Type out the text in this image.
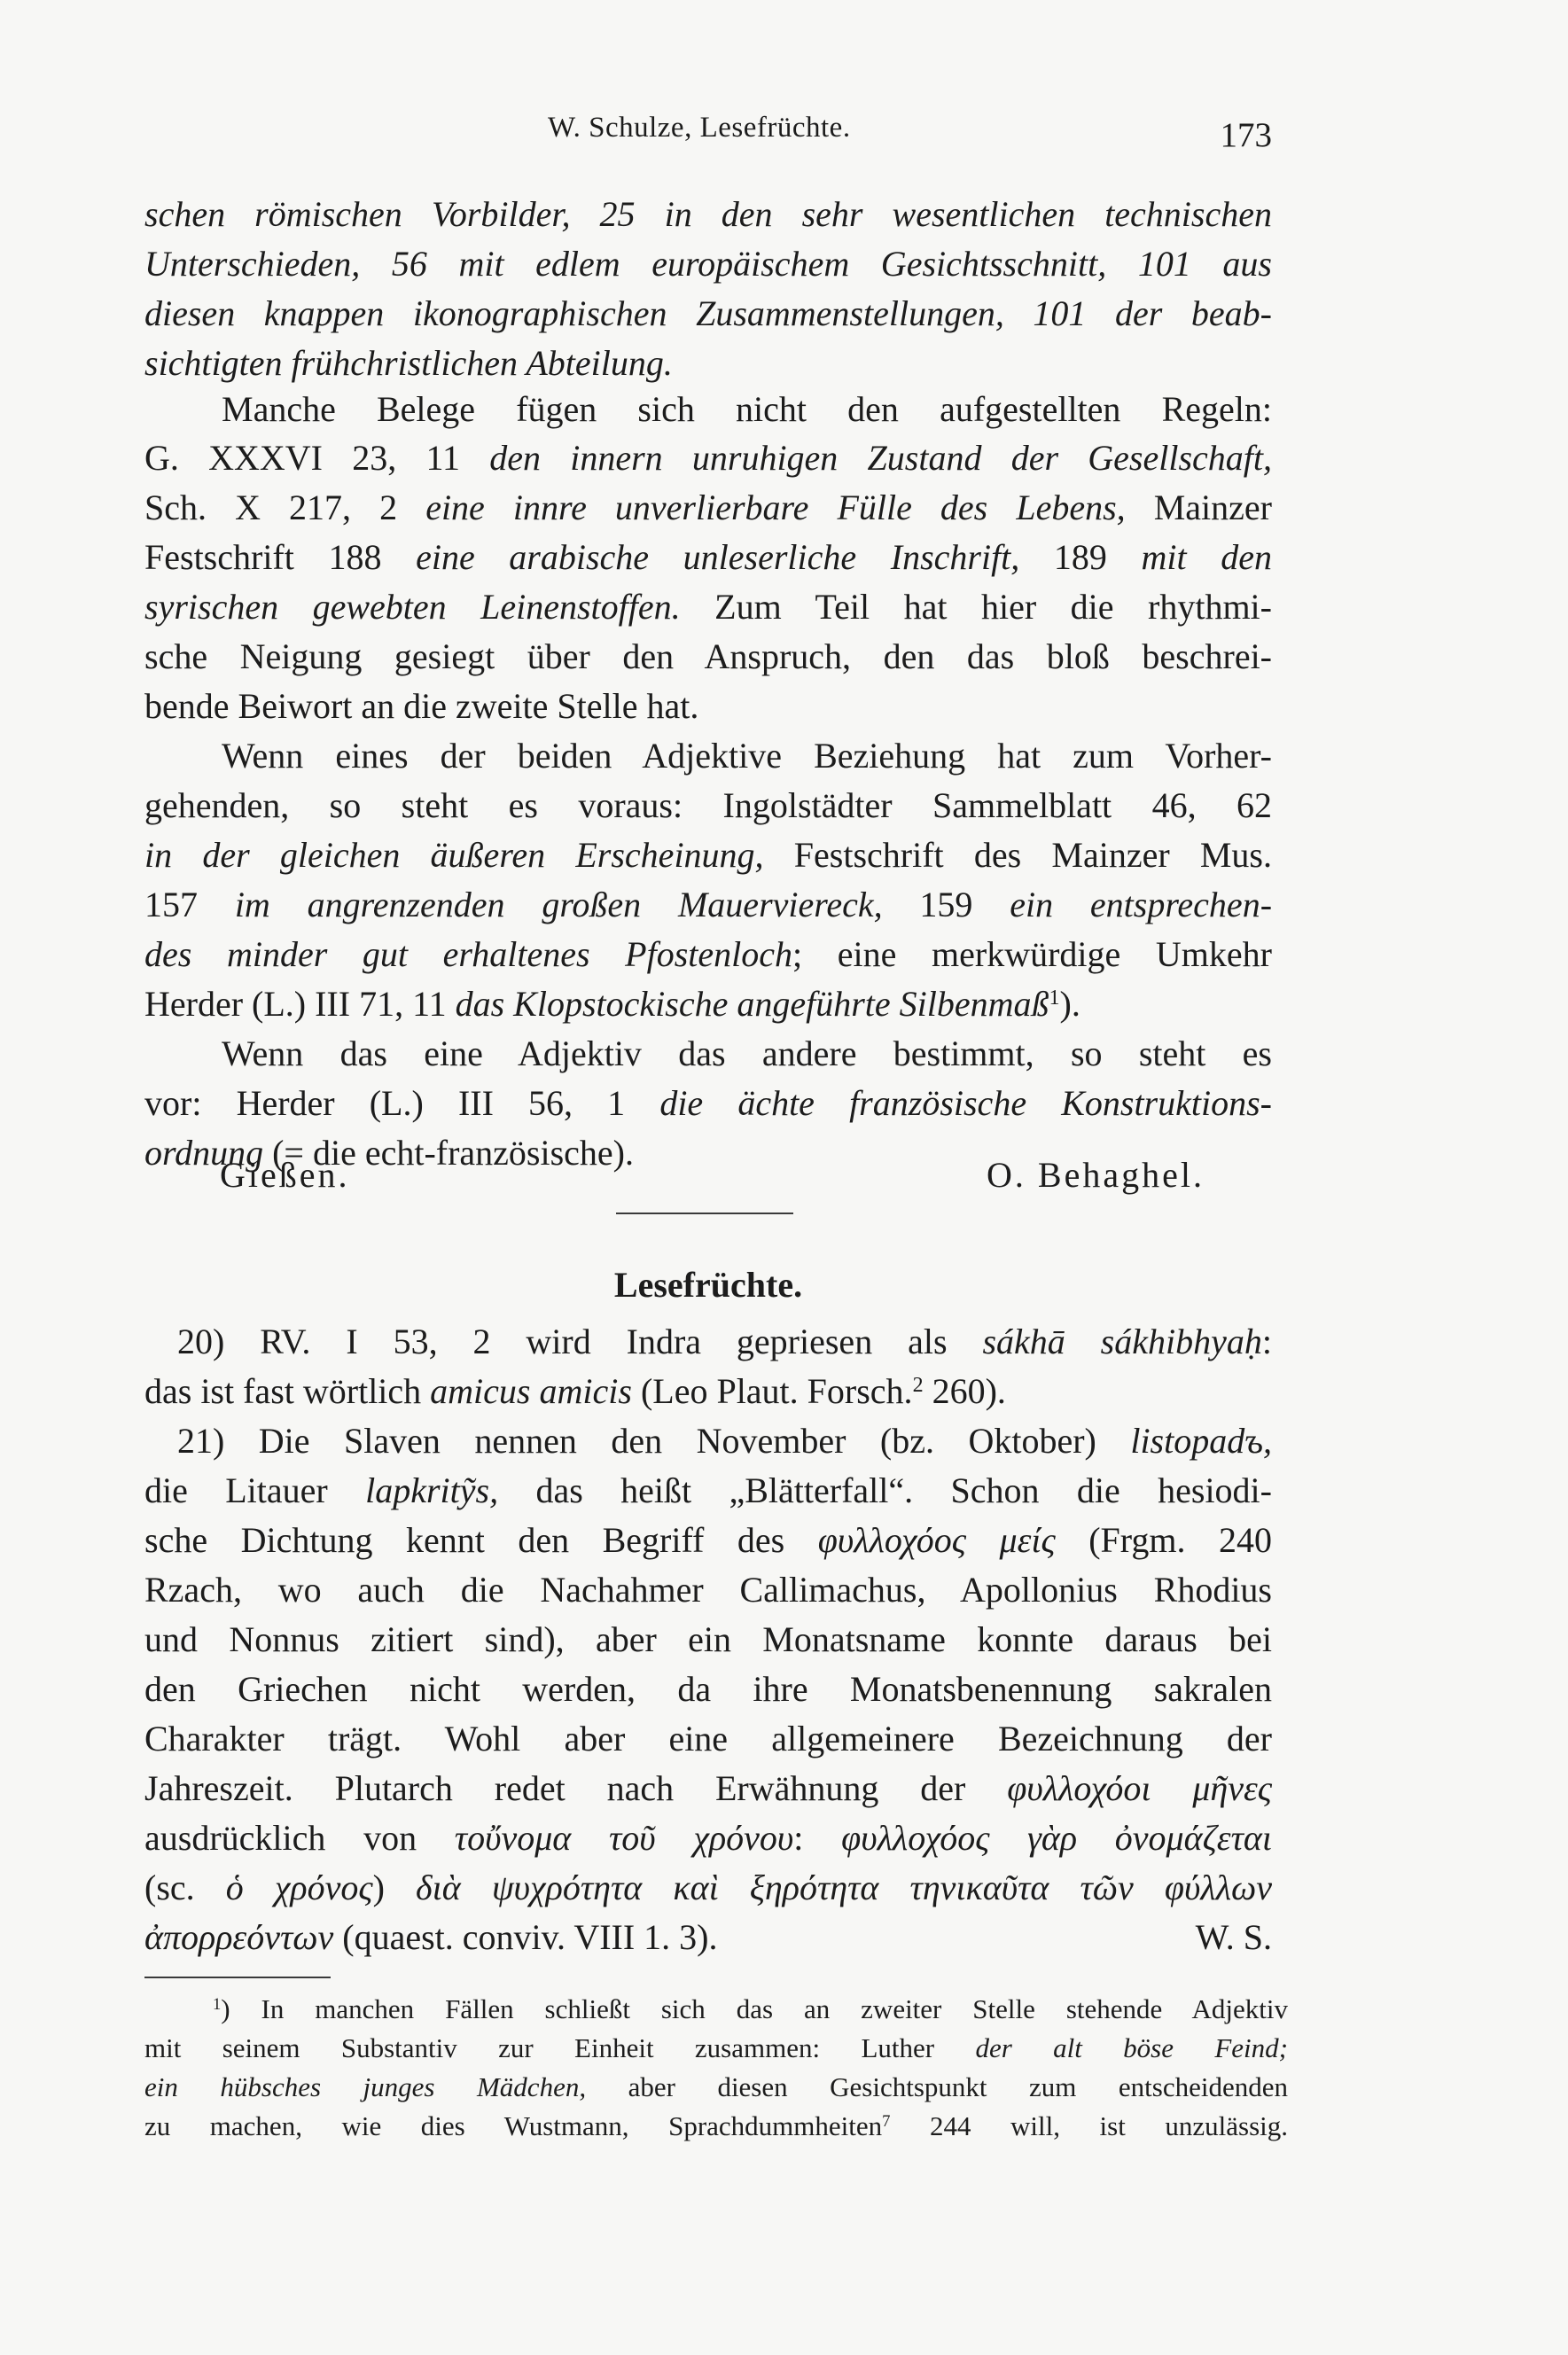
W. Schulze, Lesefrüchte.	173
schen römischen Vorbilder, 25 in den sehr wesentlichen technischen
Unterschieden, 56 mit edlem europäischem Gesichtsschnitt, 101 aus
diesen knappen ikonographischen Zusammenstellungen, 101 der beab-
sichtigten frühchristlichen Abteilung.
Manche Belege fügen sich nicht den aufgestellten Regeln:
G. XXXVI 23, 11 den innern unruhigen Zustand der Gesellschaft,
Sch. X 217, 2 eine innre unverlierbare Fülle des Lebens, Mainzer
Festschrift 188 eine arabische unleserliche Inschrift, 189 mit den
syrischen gewebten Leinenstoffen. Zum Teil hat hier die rhythmi-
sche Neigung gesiegt über den Anspruch, den das bloß beschrei-
bende Beiwort an die zweite Stelle hat.
Wenn eines der beiden Adjektive Beziehung hat zum Vorher-
gehenden, so steht es voraus: Ingolstädter Sammelblatt 46, 62
in der gleichen äußeren Erscheinung, Festschrift des Mainzer Mus.
157 im angrenzenden großen Mauerviereck, 159 ein entsprechen-
des minder gut erhaltenes Pfostenloch; eine merkwürdige Umkehr
Herder (L.) III 71, 11 das Klopstockische angeführte Silbenmaß$^1$).
Wenn das eine Adjektiv das andere bestimmt, so steht es
vor: Herder (L.) III 56, 1 die ächte französische Konstruktions-
ordnung (= die echt-französische).
Gießen.	O. Behaghel.
Lesefrüchte.
20) RV. I 53, 2 wird Indra gepriesen als sákhā sákhibhyaḥ:
das ist fast wörtlich amicus amicis (Leo Plaut. Forsch.$^2$ 260).
21) Die Slaven nennen den November (bz. Oktober) listopadъ,
die Litauer lapkritỹs, das heißt „Blätterfall“. Schon die hesiodi-
sche Dichtung kennt den Begriff des φυλλοχόος μείς (Frgm. 240
Rzach, wo auch die Nachahmer Callimachus, Apollonius Rhodius
und Nonnus zitiert sind), aber ein Monatsname konnte daraus bei
den Griechen nicht werden, da ihre Monatsbenennung sakralen
Charakter trägt. Wohl aber eine allgemeinere Bezeichnung der
Jahreszeit. Plutarch redet nach Erwähnung der φυλλοχόοι μῆνες
ausdrücklich von τοὔνομα τοῦ χρόνου: φυλλοχόος γὰρ ὀνομάζεται
(sc. ὁ χρόνος) διὰ ψυχρότητα καὶ ξηρότητα τηνικαῦτα τῶν φύλλων
ἀπορρεόντων (quaest. conviv. VIII 1. 3).	W. S.
$^1$) In manchen Fällen schließt sich das an zweiter Stelle stehende Adjektiv
mit seinem Substantiv zur Einheit zusammen: Luther der alt böse Feind;
ein hübsches junges Mädchen, aber diesen Gesichtspunkt zum entscheidenden
zu machen, wie dies Wustmann, Sprachdummheiten$^7$ 244 will, ist unzulässig.
